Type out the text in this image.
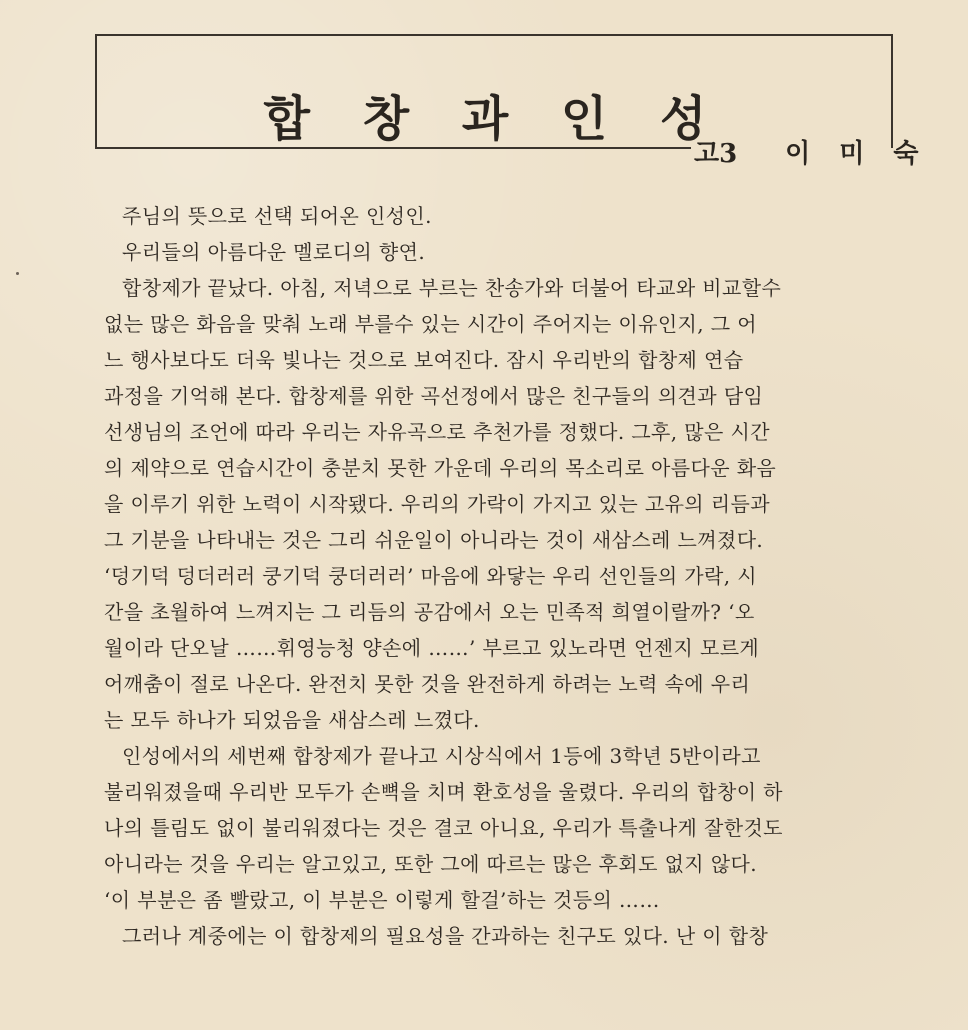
합 창 과 인 성
고3 이 미 숙
주님의 뜻으로 선택 되어온 인성인.
우리들의 아름다운 멜로디의 향연.
합창제가 끝났다. 아침, 저녁으로 부르는 찬송가와 더불어 타교와 비교할수
없는 많은 화음을 맞춰 노래 부를수 있는 시간이 주어지는 이유인지, 그 어
느 행사보다도 더욱 빛나는 것으로 보여진다. 잠시 우리반의 합창제 연습
과정을 기억해 본다. 합창제를 위한 곡선정에서 많은 친구들의 의견과 담임
선생님의 조언에 따라 우리는 자유곡으로 추천가를 정했다. 그후, 많은 시간
의 제약으로 연습시간이 충분치 못한 가운데 우리의 목소리로 아름다운 화음
을 이루기 위한 노력이 시작됐다. 우리의 가락이 가지고 있는 고유의 리듬과
그 기분을 나타내는 것은 그리 쉬운일이 아니라는 것이 새삼스레 느껴졌다.
‘덩기덕 덩더러러 쿵기덕 쿵더러러’ 마음에 와닿는 우리 선인들의 가락, 시
간을 초월하여 느껴지는 그 리듬의 공감에서 오는 민족적 희열이랄까? ‘오
월이라 단오날 ……휘영능청 양손에 ……’ 부르고 있노라면 언젠지 모르게
어깨춤이 절로 나온다. 완전치 못한 것을 완전하게 하려는 노력 속에 우리
는 모두 하나가 되었음을 새삼스레 느꼈다.
인성에서의 세번째 합창제가 끝나고 시상식에서 1등에 3학년 5반이라고
불리워졌을때 우리반 모두가 손뼉을 치며 환호성을 울렸다. 우리의 합창이 하
나의 틀림도 없이 불리워졌다는 것은 결코 아니요, 우리가 특출나게 잘한것도
아니라는 것을 우리는 알고있고, 또한 그에 따르는 많은 후회도 없지 않다.
‘이 부분은 좀 빨랐고, 이 부분은 이렇게 할걸’하는 것등의 ……
그러나 계중에는 이 합창제의 필요성을 간과하는 친구도 있다. 난 이 합창
